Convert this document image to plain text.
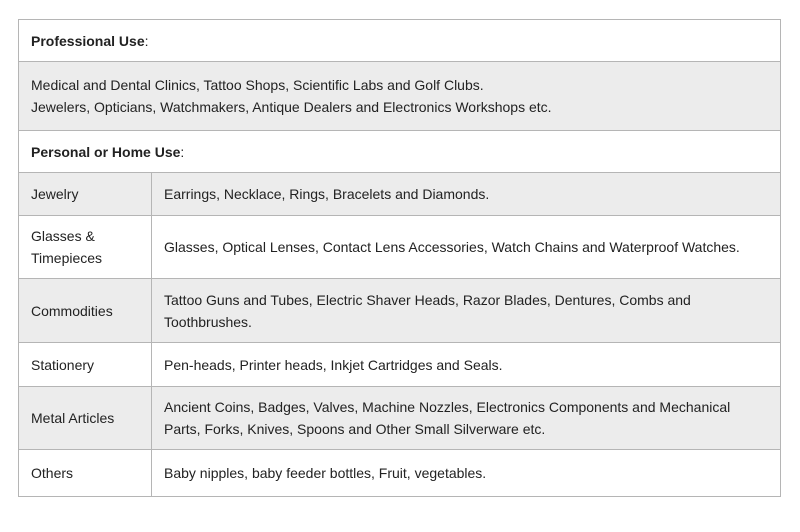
Professional Use:	

Medical and Dental Clinics, Tattoo Shops, Scientific Labs and Golf Clubs.
Jewelers, Opticians, Watchmakers, Antique Dealers and Electronics Workshops etc.	

Personal or Home Use:	
Jewelry	Earrings, Necklace, Rings, Bracelets and Diamonds.
Glasses & Timepieces	Glasses, Optical Lenses, Contact Lens Accessories, Watch Chains and Waterproof Watches.
Commodities	Tattoo Guns and Tubes, Electric Shaver Heads, Razor Blades, Dentures, Combs and Toothbrushes.
Stationery	Pen-heads, Printer heads, Inkjet Cartridges and Seals.
Metal Articles	Ancient Coins, Badges, Valves, Machine Nozzles, Electronics Components and Mechanical Parts, Forks, Knives, Spoons and Other Small Silverware etc.
Others	Baby nipples, baby feeder bottles, Fruit, vegetables.
